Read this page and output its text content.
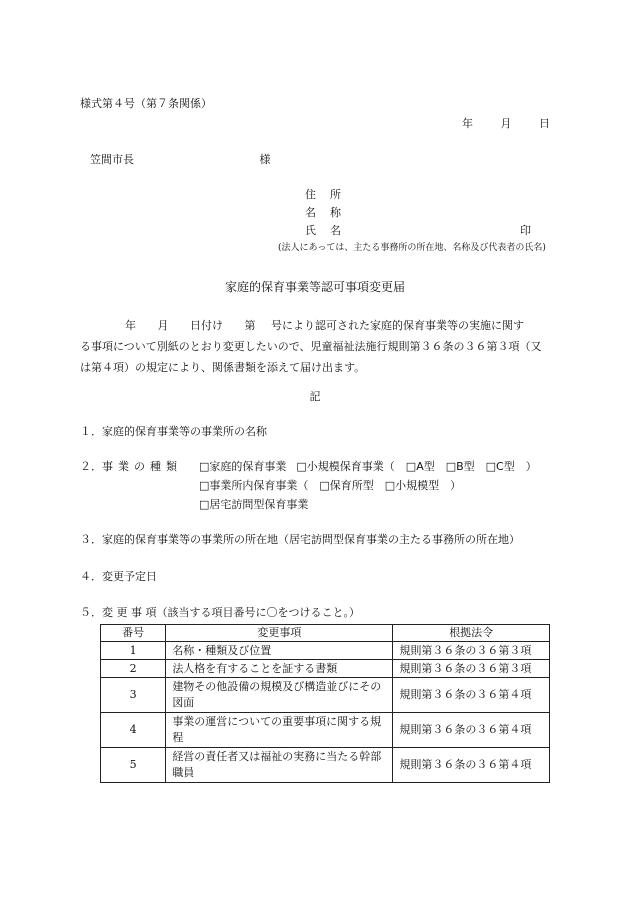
様式第４号（第７条関係）
年	月	日
笠間市長	様
住 所
名 称
氏 名	印
(法人にあっては、主たる事務所の所在地、名称及び代表者の氏名)
家庭的保育事業等認可事項変更届
年 月 日付け 第 号により認可された家庭的保育事業等の実施に関す
る事項について別紙のとおり変更したいので、児童福祉法施行規則第３６条の３６第３項（又
は第４項）の規定により、関係書類を添えて届け出ます。
記
１．家庭的保育事業等の事業所の名称
２．事業の種類 □家庭的保育事業 □小規模保育事業（　□A型　□B型　□C型　）
□事業所内保育事業（　□保育所型　□小規模型　）
□居宅訪問型保育事業
３．家庭的保育事業等の事業所の所在地（居宅訪問型保育事業の主たる事務所の所在地）
４．変更予定日
５．変 更 事 項（該当する項目番号に〇をつけること。）
番号	変更事項	根拠法令
1	名称・種類及び位置	規則第３６条の３６第３項
2	法人格を有することを証する書類	規則第３６条の３６第３項
3	建物その他設備の規模及び構造並びにその図面	規則第３６条の３６第４項
4	事業の運営についての重要事項に関する規程	規則第３６条の３６第４項
5	経営の責任者又は福祉の実務に当たる幹部職員	規則第３６条の３６第４項
